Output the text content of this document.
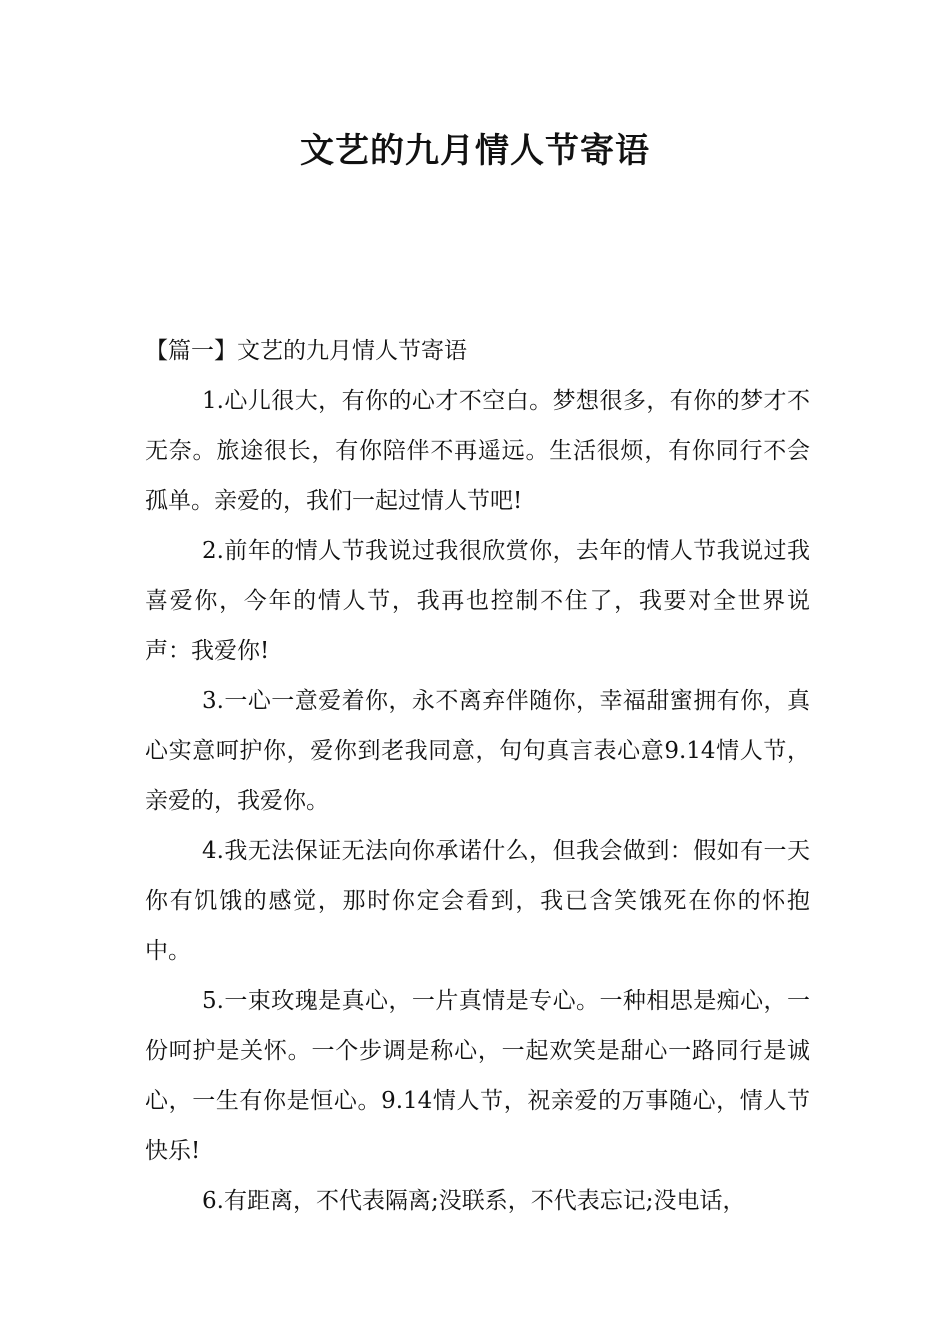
文艺的九月情人节寄语

【篇一】文艺的九月情人节寄语

1.心儿很大，有你的心才不空白。梦想很多，有你的梦才不无奈。旅途很长，有你陪伴不再遥远。生活很烦，有你同行不会孤单。亲爱的，我们一起过情人节吧!

2.前年的情人节我说过我很欣赏你，去年的情人节我说过我喜爱你，今年的情人节，我再也控制不住了，我要对全世界说声：我爱你!

3.一心一意爱着你，永不离弃伴随你，幸福甜蜜拥有你，真心实意呵护你，爱你到老我同意，句句真言表心意9.14情人节，亲爱的，我爱你。

4.我无法保证无法向你承诺什么，但我会做到：假如有一天你有饥饿的感觉，那时你定会看到，我已含笑饿死在你的怀抱中。

5.一束玫瑰是真心，一片真情是专心。一种相思是痴心，一份呵护是关怀。一个步调是称心，一起欢笑是甜心一路同行是诚心，一生有你是恒心。9.14情人节，祝亲爱的万事随心，情人节快乐!

6.有距离，不代表隔离;没联系，不代表忘记;没电话，
